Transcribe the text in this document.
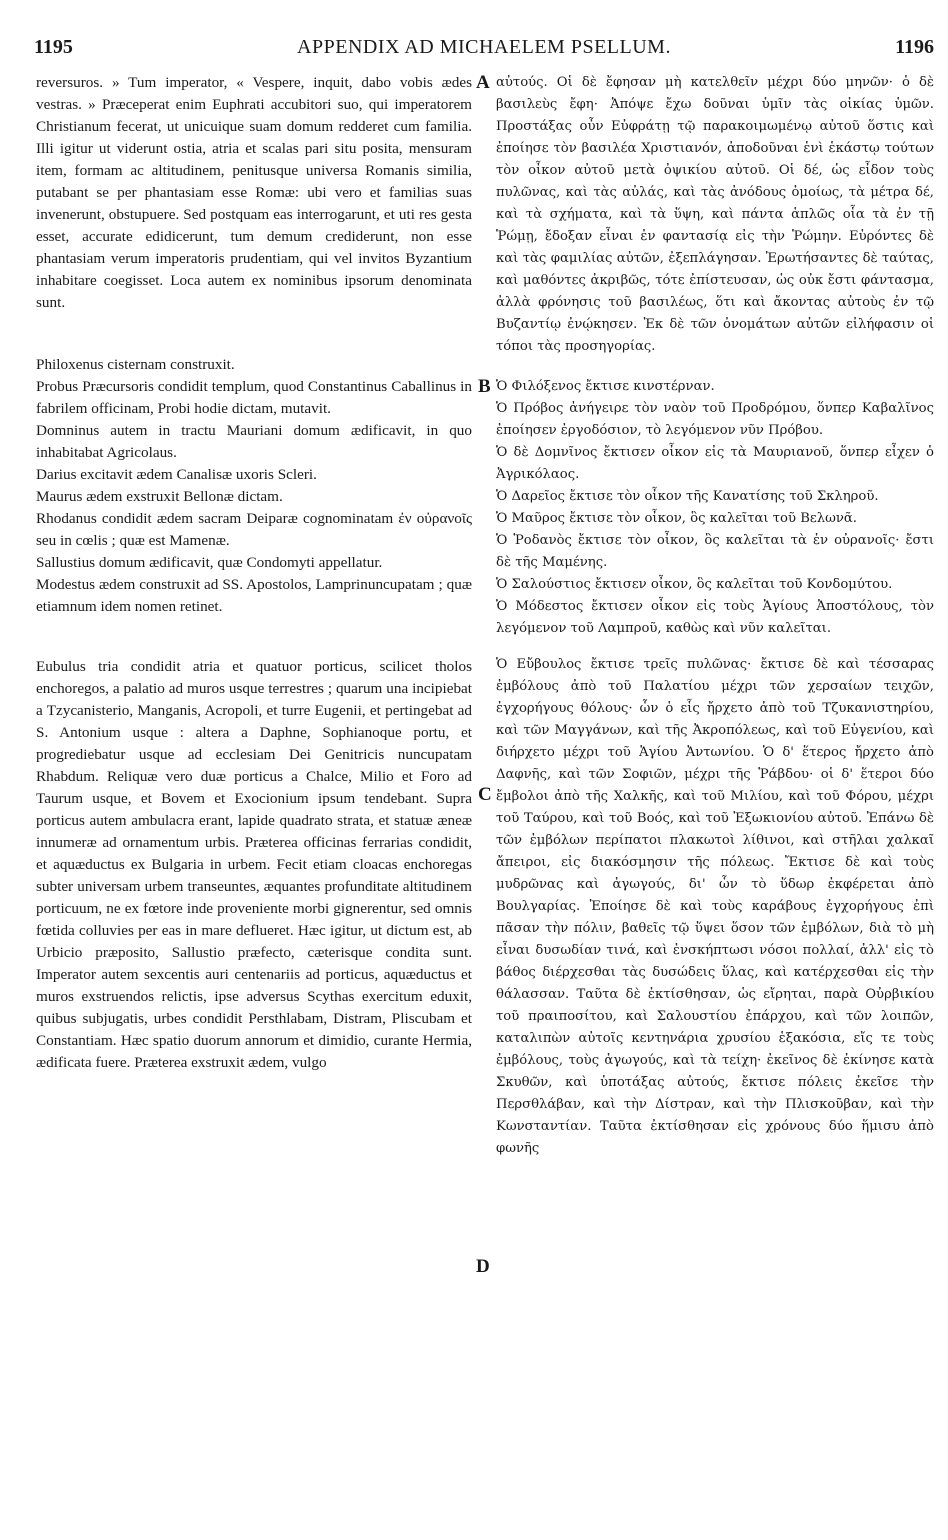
1195	APPENDIX AD MICHAELEM PSELLUM.	1196
A
B
C
D

reversuros. » Tum imperator, « Vespere, inquit, dabo vobis ædes vestras. » Præceperat enim Euphrati accubitori suo, qui imperatorem Christianum fecerat, ut unicuique suam domum redderet cum familia. Illi igitur ut viderunt ostia, atria et scalas pari situ posita, mensuram item, formam ac altitudinem, penitusque universa Romanis similia, putabant se per phantasiam esse Romæ: ubi vero et familias suas invenerunt, obstupuere. Sed postquam eas interrogarunt, et uti res gesta esset, accurate edidicerunt, tum demum crediderunt, non esse phantasiam verum imperatoris prudentiam, qui vel invitos Byzantium inhabitare coegisset. Loca autem ex nominibus ipsorum denominata sunt.

Philoxenus cisternam construxit.

Probus Præcursoris condidit templum, quod Constantinus Caballinus in fabrilem officinam, Probi hodie dictam, mutavit.

Domninus autem in tractu Mauriani domum ædificavit, in quo inhabitabat Agricolaus.

Darius excitavit ædem Canalisæ uxoris Scleri.

Maurus ædem exstruxit Bellonæ dictam.

Rhodanus condidit ædem sacram Deiparæ cognominatam ἐν οὐρανοῖς seu in cœlis ; quæ est Mamenæ.

Sallustius domum ædificavit, quæ Condomyti appellatur.

Modestus ædem construxit ad SS. Apostolos, Lamprinuncupatam ; quæ etiamnum idem nomen retinet.

Eubulus tria condidit atria et quatuor porticus, scilicet tholos enchoregos, a palatio ad muros usque terrestres ; quarum una incipiebat a Tzycanisterio, Manganis, Acropoli, et turre Eugenii, et pertingebat ad S. Antonium usque : altera a Daphne, Sophianoque portu, et progrediebatur usque ad ecclesiam Dei Genitricis nuncupatam Rhabdum. Reliquæ vero duæ porticus a Chalce, Milio et Foro ad Taurum usque, et Bovem et Exocionium ipsum tendebant. Supra porticus autem ambulacra erant, lapide quadrato strata, et statuæ æneæ innumeræ ad ornamentum urbis. Præterea officinas ferrarias condidit, et aquæductus ex Bulgaria in urbem. Fecit etiam cloacas enchoregas subter universam urbem transeuntes, æquantes profunditate altitudinem porticuum, ne ex fœtore inde proveniente morbi gignerentur, sed omnis fœtida colluvies per eas in mare deflueret. Hæc igitur, ut dictum est, ab Urbicio præposito, Sallustio præfecto, cæterisque condita sunt. Imperator autem sexcentis auri centenariis ad porticus, aquæductus et muros exstruendos relictis, ipse adversus Scythas exercitum eduxit, quibus subjugatis, urbes condidit Persthlabam, Distram, Pliscubam et Constantiam. Hæc spatio duorum annorum et dimidio, curante Hermia, ædificata fuere. Præterea exstruxit ædem, vulgo

αὐτούς. Οἱ δὲ ἔφησαν μὴ κατελθεῖν μέχρι δύο μηνῶν· ὁ δὲ βασιλεὺς ἔφη· Ἀπόψε ἔχω δοῦναι ὑμῖν τὰς οἰκίας ὑμῶν. Προστάξας οὖν Εὐφράτῃ τῷ παρακοιμωμένῳ αὐτοῦ ὅστις καὶ ἐποίησε τὸν βασιλέα Χριστιανόν, ἀποδοῦναι ἑνὶ ἑκάστῳ τούτων τὸν οἶκον αὐτοῦ μετὰ ὀψικίου αὐτοῦ. Οἱ δέ, ὡς εἶδον τοὺς πυλῶνας, καὶ τὰς αὐλάς, καὶ τὰς ἀνόδους ὁμοίως, τὰ μέτρα δέ, καὶ τὰ σχήματα, καὶ τὰ ὕψη, καὶ πάντα ἁπλῶς οἷα τὰ ἐν τῇ Ῥώμῃ, ἔδοξαν εἶναι ἐν φαντασίᾳ εἰς τὴν Ῥώμην. Εὑρόντες δὲ καὶ τὰς φαμιλίας αὐτῶν, ἐξεπλάγησαν. Ἐρωτήσαντες δὲ ταύτας, καὶ μαθόντες ἀκριβῶς, τότε ἐπίστευσαν, ὡς οὐκ ἔστι φάντασμα, ἀλλὰ φρόνησις τοῦ βασιλέως, ὅτι καὶ ἄκοντας αὐτοὺς ἐν τῷ Βυζαντίῳ ἐνῴκησεν. Ἐκ δὲ τῶν ὀνομάτων αὐτῶν εἰλήφασιν οἱ τόποι τὰς προσηγορίας.

Ὁ Φιλόξενος ἔκτισε κινστέρναν.

Ὁ Πρόβος ἀνήγειρε τὸν ναὸν τοῦ Προδρόμου, ὅνπερ Καβαλῖνος ἐποίησεν ἐργοδόσιον, τὸ λεγόμενον νῦν Πρόβου.

Ὁ δὲ Δομνῖνος ἔκτισεν οἶκον εἰς τὰ Μαυριανοῦ, ὅνπερ εἶχεν ὁ Ἀγρικόλαος.

Ὁ Δαρεῖος ἔκτισε τὸν οἶκον τῆς Κανατίσης τοῦ Σκληροῦ.

Ὁ Μαῦρος ἔκτισε τὸν οἶκον, ὃς καλεῖται τοῦ Βελωνᾶ.

Ὁ Ῥοδανὸς ἔκτισε τὸν οἶκον, ὃς καλεῖται τὰ ἐν οὐρανοῖς· ἔστι δὲ τῆς Μαμένης.

Ὁ Σαλούστιος ἔκτισεν οἶκον, ὃς καλεῖται τοῦ Κονδομύτου.

Ὁ Μόδεστος ἔκτισεν οἶκον εἰς τοὺς Ἁγίους Ἀποστόλους, τὸν λεγόμενον τοῦ Λαμπροῦ, καθὼς καὶ νῦν καλεῖται.

Ὁ Εὔβουλος ἔκτισε τρεῖς πυλῶνας· ἔκτισε δὲ καὶ τέσσαρας ἐμβόλους ἀπὸ τοῦ Παλατίου μέχρι τῶν χερσαίων τειχῶν, ἐγχορήγους θόλους· ὧν ὁ εἷς ἤρχετο ἀπὸ τοῦ Τζυκανιστηρίου, καὶ τῶν Μαγγάνων, καὶ τῆς Ἀκροπόλεως, καὶ τοῦ Εὐγενίου, καὶ διήρχετο μέχρι τοῦ Ἁγίου Ἀντωνίου. Ὁ δ' ἕτερος ἤρχετο ἀπὸ Δαφνῆς, καὶ τῶν Σοφιῶν, μέχρι τῆς Ῥάβδου· οἱ δ' ἕτεροι δύο ἔμβολοι ἀπὸ τῆς Χαλκῆς, καὶ τοῦ Μιλίου, καὶ τοῦ Φόρου, μέχρι τοῦ Ταύρου, καὶ τοῦ Βοός, καὶ τοῦ Ἐξωκιονίου αὐτοῦ. Ἐπάνω δὲ τῶν ἐμβόλων περίπατοι πλακωτοὶ λίθινοι, καὶ στῆλαι χαλκαῖ ἄπειροι, εἰς διακόσμησιν τῆς πόλεως. Ἔκτισε δὲ καὶ τοὺς μυδρῶνας καὶ ἀγωγούς, δι' ὧν τὸ ὕδωρ ἐκφέρεται ἀπὸ Βουλγαρίας. Ἐποίησε δὲ καὶ τοὺς καράβους ἐγχορήγους ἐπὶ πᾶσαν τὴν πόλιν, βαθεῖς τῷ ὕψει ὅσον τῶν ἐμβόλων, διὰ τὸ μὴ εἶναι δυσωδίαν τινά, καὶ ἐνσκήπτωσι νόσοι πολλαί, ἀλλ' εἰς τὸ βάθος διέρχεσθαι τὰς δυσώδεις ὕλας, καὶ κατέρχεσθαι εἰς τὴν θάλασσαν. Ταῦτα δὲ ἐκτίσθησαν, ὡς εἴρηται, παρὰ Οὐρβικίου τοῦ πραιποσίτου, καὶ Σαλουστίου ἐπάρχου, καὶ τῶν λοιπῶν, καταλιπὼν αὐτοῖς κεντηνάρια χρυσίου ἑξακόσια, εἴς τε τοὺς ἐμβόλους, τοὺς ἀγωγούς, καὶ τὰ τείχη· ἐκεῖνος δὲ ἐκίνησε κατὰ Σκυθῶν, καὶ ὑποτάξας αὐτούς, ἔκτισε πόλεις ἐκεῖσε τὴν Περσθλάβαν, καὶ τὴν Δίστραν, καὶ τὴν Πλισκοῦβαν, καὶ τὴν Κωνσταντίαν. Ταῦτα ἐκτίσθησαν εἰς χρόνους δύο ἥμισυ ἀπὸ φωνῆς
